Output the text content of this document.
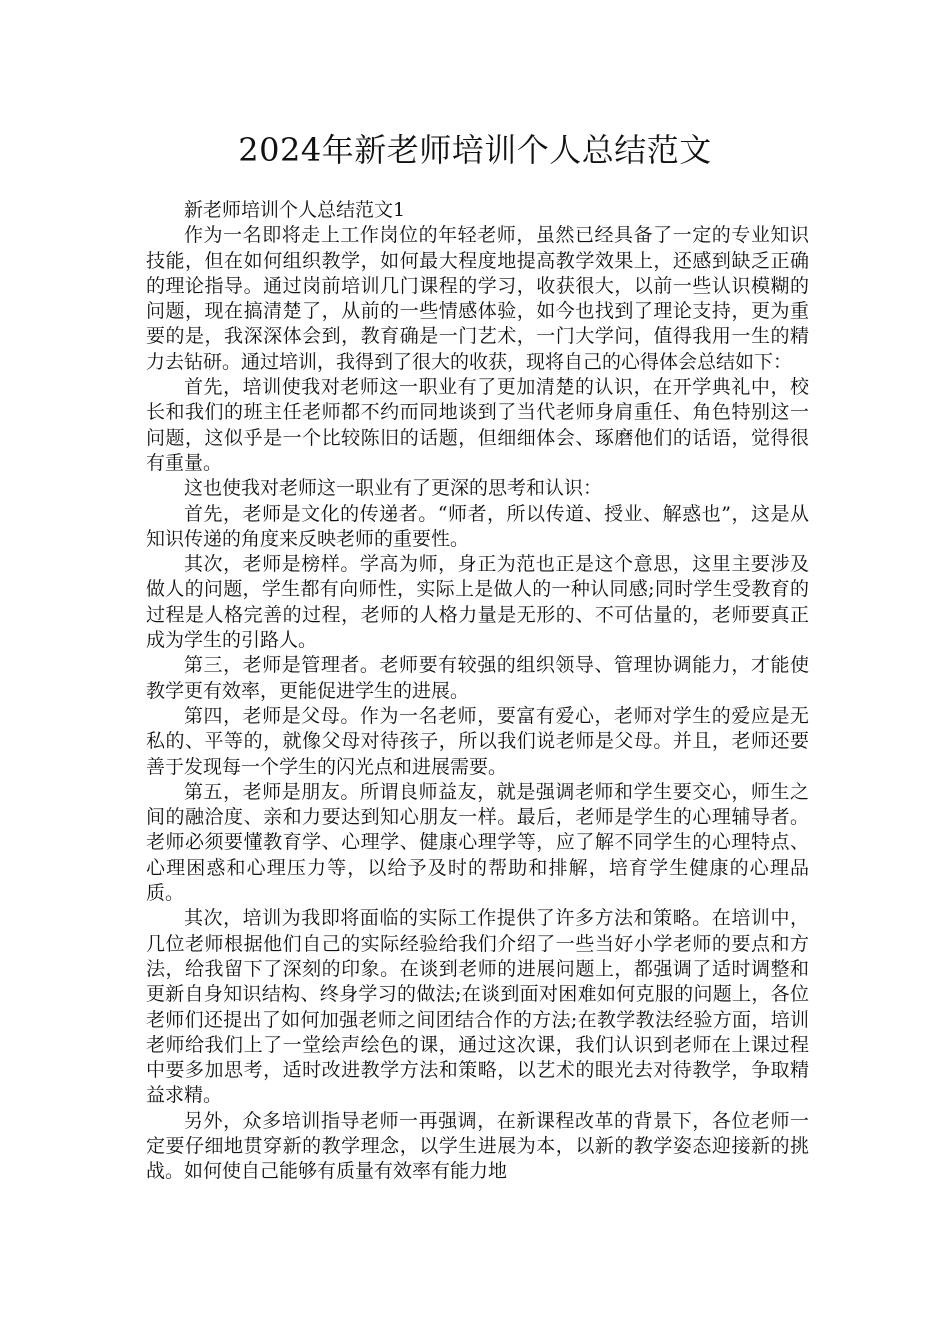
2024年新老师培训个人总结范文

新老师培训个人总结范文1

作为一名即将走上工作岗位的年轻老师，虽然已经具备了一定的专业知识技能，但在如何组织教学，如何最大程度地提高教学效果上，还感到缺乏正确的理论指导。通过岗前培训几门课程的学习，收获很大，以前一些认识模糊的问题，现在搞清楚了，从前的一些情感体验，如今也找到了理论支持，更为重要的是，我深深体会到，教育确是一门艺术，一门大学问，值得我用一生的精力去钻研。通过培训，我得到了很大的收获，现将自己的心得体会总结如下：

首先，培训使我对老师这一职业有了更加清楚的认识，在开学典礼中，校长和我们的班主任老师都不约而同地谈到了当代老师身肩重任、角色特别这一问题，这似乎是一个比较陈旧的话题，但细细体会、琢磨他们的话语，觉得很有重量。

这也使我对老师这一职业有了更深的思考和认识：

首先，老师是文化的传递者。“师者，所以传道、授业、解惑也”，这是从知识传递的角度来反映老师的重要性。

其次，老师是榜样。学高为师，身正为范也正是这个意思，这里主要涉及做人的问题，学生都有向师性，实际上是做人的一种认同感;同时学生受教育的过程是人格完善的过程，老师的人格力量是无形的、不可估量的，老师要真正成为学生的引路人。

第三，老师是管理者。老师要有较强的组织领导、管理协调能力，才能使教学更有效率，更能促进学生的进展。

第四，老师是父母。作为一名老师，要富有爱心，老师对学生的爱应是无私的、平等的，就像父母对待孩子，所以我们说老师是父母。并且，老师还要善于发现每一个学生的闪光点和进展需要。

第五，老师是朋友。所谓良师益友，就是强调老师和学生要交心，师生之间的融洽度、亲和力要达到知心朋友一样。最后，老师是学生的心理辅导者。老师必须要懂教育学、心理学、健康心理学等，应了解不同学生的心理特点、心理困惑和心理压力等，以给予及时的帮助和排解，培育学生健康的心理品质。

其次，培训为我即将面临的实际工作提供了许多方法和策略。在培训中，几位老师根据他们自己的实际经验给我们介绍了一些当好小学老师的要点和方法，给我留下了深刻的印象。在谈到老师的进展问题上，都强调了适时调整和更新自身知识结构、终身学习的做法;在谈到面对困难如何克服的问题上，各位老师们还提出了如何加强老师之间团结合作的方法;在教学教法经验方面，培训老师给我们上了一堂绘声绘色的课，通过这次课，我们认识到老师在上课过程中要多加思考，适时改进教学方法和策略，以艺术的眼光去对待教学，争取精益求精。

另外，众多培训指导老师一再强调，在新课程改革的背景下，各位老师一定要仔细地贯穿新的教学理念，以学生进展为本，以新的教学姿态迎接新的挑战。如何使自己能够有质量有效率有能力地
